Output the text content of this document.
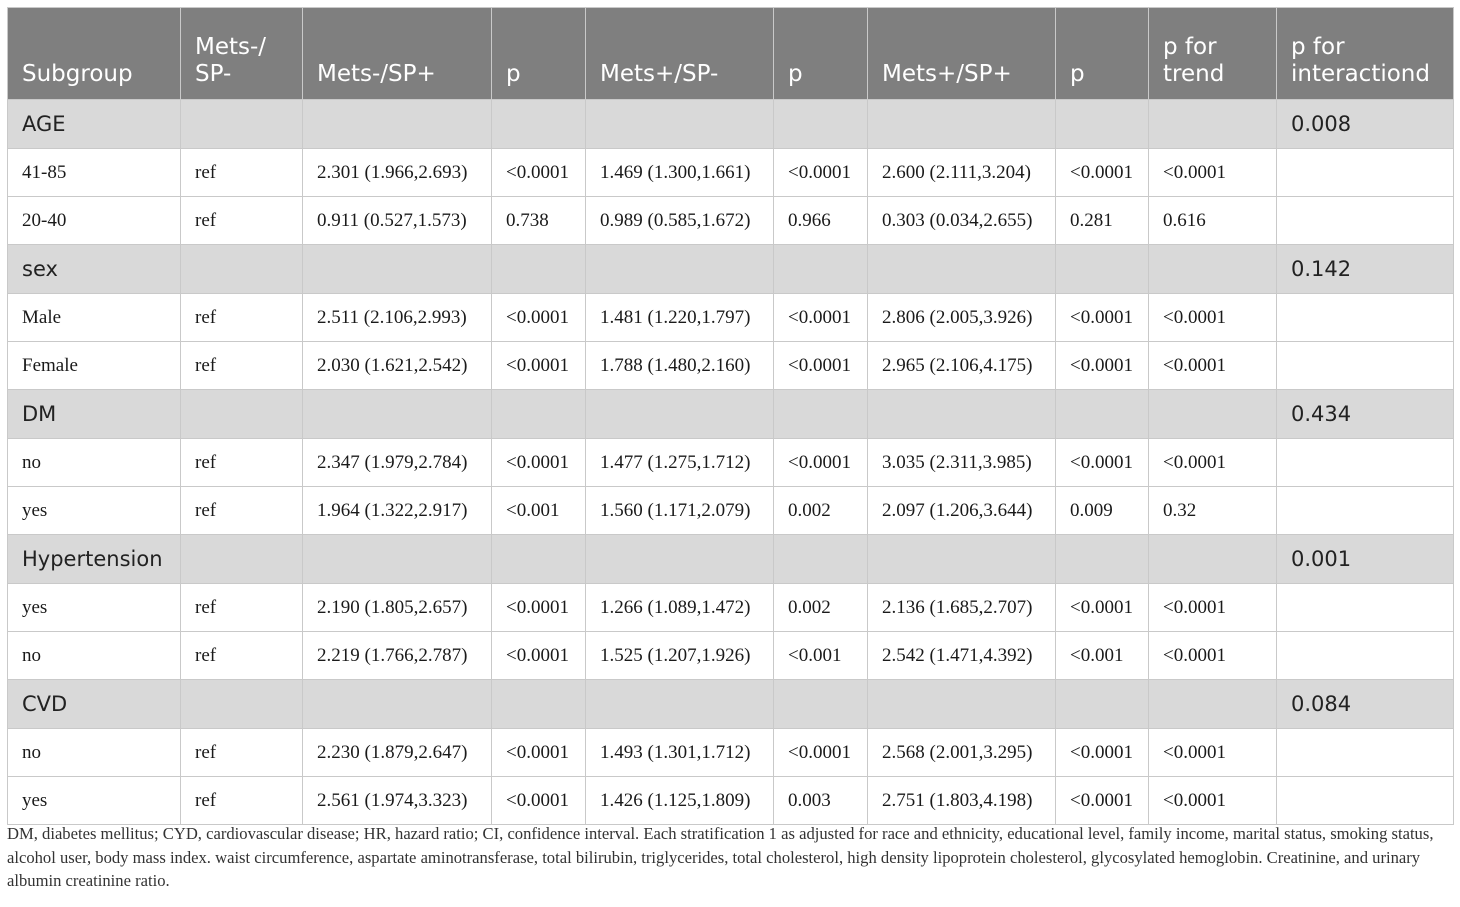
Subgroup	Mets-/ SP-	Mets-/SP+	p	Mets+/SP-	p	Mets+/SP+	p	p for trend	p for interactiond
AGE									0.008
41-85	ref	2.301 (1.966,2.693)	<0.0001	1.469 (1.300,1.661)	<0.0001	2.600 (2.111,3.204)	<0.0001	<0.0001	
20-40	ref	0.911 (0.527,1.573)	0.738	0.989 (0.585,1.672)	0.966	0.303 (0.034,2.655)	0.281	0.616	
sex									0.142
Male	ref	2.511 (2.106,2.993)	<0.0001	1.481 (1.220,1.797)	<0.0001	2.806 (2.005,3.926)	<0.0001	<0.0001	
Female	ref	2.030 (1.621,2.542)	<0.0001	1.788 (1.480,2.160)	<0.0001	2.965 (2.106,4.175)	<0.0001	<0.0001	
DM									0.434
no	ref	2.347 (1.979,2.784)	<0.0001	1.477 (1.275,1.712)	<0.0001	3.035 (2.311,3.985)	<0.0001	<0.0001	
yes	ref	1.964 (1.322,2.917)	<0.001	1.560 (1.171,2.079)	0.002	2.097 (1.206,3.644)	0.009	0.32	
Hypertension									0.001
yes	ref	2.190 (1.805,2.657)	<0.0001	1.266 (1.089,1.472)	0.002	2.136 (1.685,2.707)	<0.0001	<0.0001	
no	ref	2.219 (1.766,2.787)	<0.0001	1.525 (1.207,1.926)	<0.001	2.542 (1.471,4.392)	<0.001	<0.0001	
CVD									0.084
no	ref	2.230 (1.879,2.647)	<0.0001	1.493 (1.301,1.712)	<0.0001	2.568 (2.001,3.295)	<0.0001	<0.0001	
yes	ref	2.561 (1.974,3.323)	<0.0001	1.426 (1.125,1.809)	0.003	2.751 (1.803,4.198)	<0.0001	<0.0001	
DM, diabetes mellitus; CYD, cardiovascular disease; HR, hazard ratio; CI, confidence interval. Each stratification 1 as adjusted for race and ethnicity, educational level, family income, marital status, smoking status, alcohol user, body mass index. waist circumference, aspartate aminotransferase, total bilirubin, triglycerides, total cholesterol, high density lipoprotein cholesterol, glycosylated hemoglobin. Creatinine, and urinary albumin creatinine ratio.
